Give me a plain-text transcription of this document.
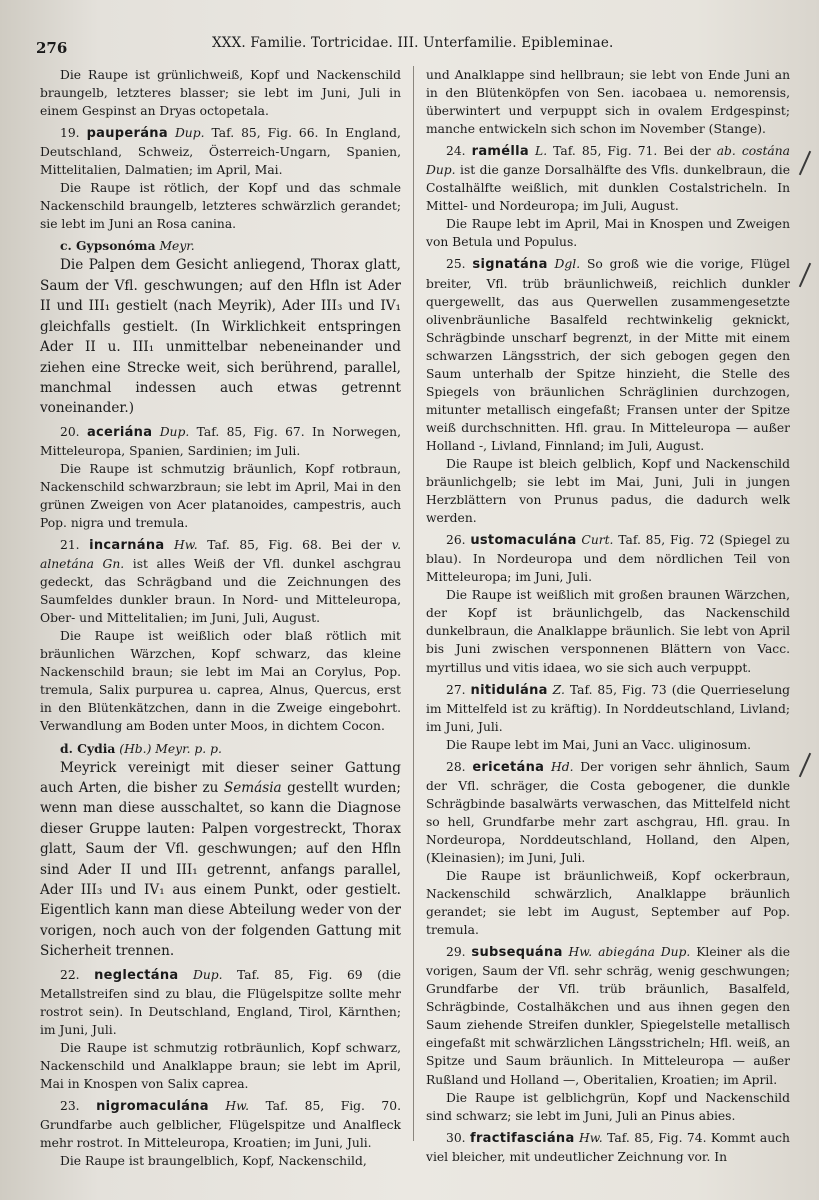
276	XXX. Familie. Tortricidae. III. Unterfamilie. Epibleminae.

Die Raupe ist grünlichweiß, Kopf und Nackenschild braungelb, letzteres blasser; sie lebt im Juni, Juli in einem Gespinst an Dryas octopetala.

19. pauperána Dup. Taf. 85, Fig. 66. In England, Deutschland, Schweiz, Österreich-Ungarn, Spanien, Mittelitalien, Dalmatien; im April, Mai.

Die Raupe ist rötlich, der Kopf und das schmale Nackenschild braungelb, letzteres schwärzlich gerandet; sie lebt im Juni an Rosa canina.

c. Gypsonóma Meyr.

Die Palpen dem Gesicht anliegend, Thorax glatt, Saum der Vfl. geschwungen; auf den Hfln ist Ader II und III₁ gestielt (nach Meyrik), Ader III₃ und IV₁ gleichfalls gestielt. (In Wirklichkeit entspringen Ader II u. III₁ unmittelbar nebeneinander und ziehen eine Strecke weit, sich berührend, parallel, manchmal indessen auch etwas getrennt voneinander.)

20. aceriána Dup. Taf. 85, Fig. 67. In Norwegen, Mitteleuropa, Spanien, Sardinien; im Juli.

Die Raupe ist schmutzig bräunlich, Kopf rotbraun, Nackenschild schwarzbraun; sie lebt im April, Mai in den grünen Zweigen von Acer platanoides, campestris, auch Pop. nigra und tremula.

21. incarnána Hw. Taf. 85, Fig. 68. Bei der v. alnetána Gn. ist alles Weiß der Vfl. dunkel aschgrau gedeckt, das Schrägband und die Zeichnungen des Saumfeldes dunkler braun. In Nord- und Mitteleuropa, Ober- und Mittelitalien; im Juni, Juli, August.

Die Raupe ist weißlich oder blaß rötlich mit bräunlichen Wärzchen, Kopf schwarz, das kleine Nackenschild braun; sie lebt im Mai an Corylus, Pop. tremula, Salix purpurea u. caprea, Alnus, Quercus, erst in den Blütenkätzchen, dann in die Zweige eingebohrt. Verwandlung am Boden unter Moos, in dichtem Cocon.

d. Cydia (Hb.) Meyr. p. p.

Meyrick vereinigt mit dieser seiner Gattung auch Arten, die bisher zu Semásia gestellt wurden; wenn man diese ausschaltet, so kann die Diagnose dieser Gruppe lauten: Palpen vorgestreckt, Thorax glatt, Saum der Vfl. geschwungen; auf den Hfln sind Ader II und III₁ getrennt, anfangs parallel, Ader III₃ und IV₁ aus einem Punkt, oder gestielt. Eigentlich kann man diese Abteilung weder von der vorigen, noch auch von der folgenden Gattung mit Sicherheit trennen.

22. neglectána Dup. Taf. 85, Fig. 69 (die Metallstreifen sind zu blau, die Flügelspitze sollte mehr rostrot sein). In Deutschland, England, Tirol, Kärnthen; im Juni, Juli.

Die Raupe ist schmutzig rotbräunlich, Kopf schwarz, Nackenschild und Analklappe braun; sie lebt im April, Mai in Knospen von Salix caprea.

23. nigromaculána Hw. Taf. 85, Fig. 70. Grundfarbe auch gelblicher, Flügelspitze und Analfleck mehr rostrot. In Mitteleuropa, Kroatien; im Juni, Juli.

Die Raupe ist braungelblich, Kopf, Nackenschild,

und Analklappe sind hellbraun; sie lebt von Ende Juni an in den Blütenköpfen von Sen. iacobaea u. nemorensis, überwintert und verpuppt sich in ovalem Erdgespinst; manche entwickeln sich schon im November (Stange).

24. raméllа L. Taf. 85, Fig. 71. Bei der ab. costána Dup. ist die ganze Dorsalhälfte des Vfls. dunkelbraun, die Costalhälfte weißlich, mit dunklen Costalstricheln. In Mittel- und Nordeuropa; im Juli, August.

Die Raupe lebt im April, Mai in Knospen und Zweigen von Betula und Populus.

25. signatána Dgl. So groß wie die vorige, Flügel breiter, Vfl. trüb bräunlichweiß, reichlich dunkler quergewellt, das aus Querwellen zusammengesetzte olivenbräunliche Basalfeld rechtwinkelig geknickt, Schrägbinde unscharf begrenzt, in der Mitte mit einem schwarzen Längsstrich, der sich gebogen gegen den Saum unterhalb der Spitze hinzieht, die Stelle des Spiegels von bräunlichen Schräglinien durchzogen, mitunter metallisch eingefaßt; Fransen unter der Spitze weiß durchschnitten. Hfl. grau. In Mitteleuropa — außer Holland -, Livland, Finnland; im Juli, August.

Die Raupe ist bleich gelblich, Kopf und Nackenschild bräunlichgelb; sie lebt im Mai, Juni, Juli in jungen Herzblättern von Prunus padus, die dadurch welk werden.

26. ustomaculána Curt. Taf. 85, Fig. 72 (Spiegel zu blau). In Nordeuropa und dem nördlichen Teil von Mitteleuropa; im Juni, Juli.

Die Raupe ist weißlich mit großen braunen Wärzchen, der Kopf ist bräunlichgelb, das Nackenschild dunkelbraun, die Analklappe bräunlich. Sie lebt von April bis Juni zwischen versponnenen Blättern von Vacc. myrtillus und vitis idaea, wo sie sich auch verpuppt.

27. nitidulána Z. Taf. 85, Fig. 73 (die Querrieselung im Mittelfeld ist zu kräftig). In Norddeutschland, Livland; im Juni, Juli.

Die Raupe lebt im Mai, Juni an Vacc. uliginosum.

28. ericetána Hd. Der vorigen sehr ähnlich, Saum der Vfl. schräger, die Costa gebogener, die dunkle Schrägbinde basalwärts verwaschen, das Mittelfeld nicht so hell, Grundfarbe mehr zart aschgrau, Hfl. grau. In Nordeuropa, Norddeutschland, Holland, den Alpen, (Kleinasien); im Juni, Juli.

Die Raupe ist bräunlichweiß, Kopf ockerbraun, Nackenschild schwärzlich, Analklappe bräunlich gerandet; sie lebt im August, September auf Pop. tremula.

29. subsequána Hw. abiegána Dup. Kleiner als die vorigen, Saum der Vfl. sehr schräg, wenig geschwungen; Grundfarbe der Vfl. trüb bräunlich, Basalfeld, Schrägbinde, Costalhäkchen und aus ihnen gegen den Saum ziehende Streifen dunkler, Spiegelstelle metallisch eingefaßt mit schwärzlichen Längsstricheln; Hfl. weiß, an Spitze und Saum bräunlich. In Mitteleuropa — außer Rußland und Holland —, Oberitalien, Kroatien; im April.

Die Raupe ist gelblichgrün, Kopf und Nackenschild sind schwarz; sie lebt im Juni, Juli an Pinus abies.

30. fractifasciána Hw. Taf. 85, Fig. 74. Kommt auch viel bleicher, mit undeutlicher Zeichnung vor. In
